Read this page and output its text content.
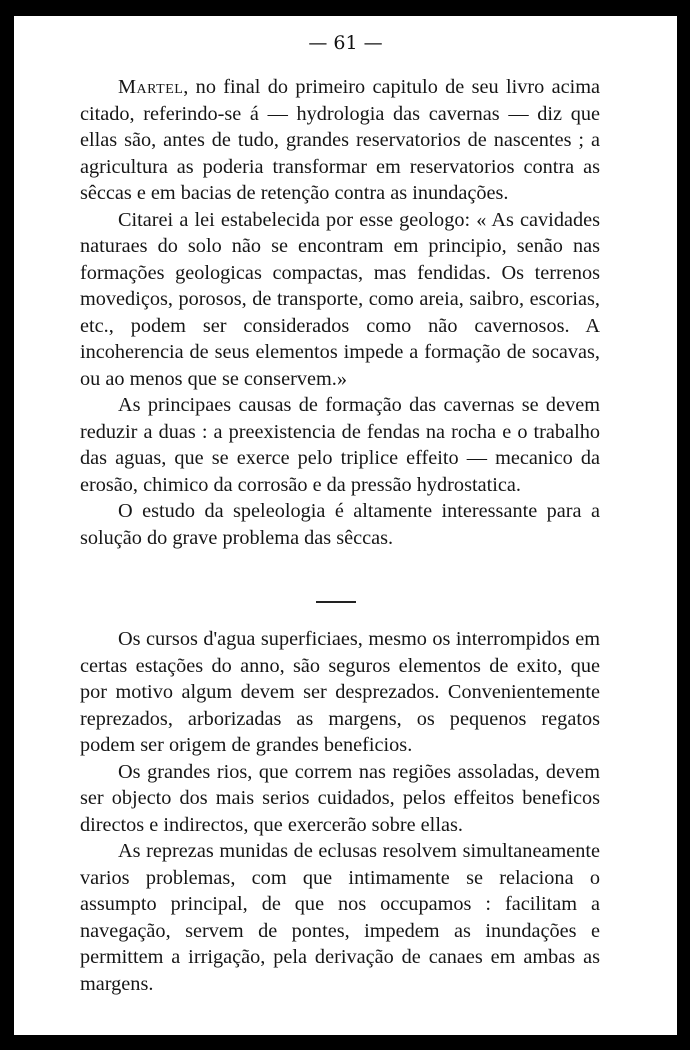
— 61 —

Martel, no final do primeiro capitulo de seu livro acima citado, referindo-se á — hydrologia das cavernas — diz que ellas são, antes de tudo, grandes reservatorios de nascentes ; a agricultura as poderia transformar em reservatorios contra as sêccas e em bacias de retenção contra as inundações.

Citarei a lei estabelecida por esse geologo: « As cavidades naturaes do solo não se encontram em principio, senão nas formações geologicas compactas, mas fendidas. Os terrenos movediços, porosos, de transporte, como areia, saibro, escorias, etc., podem ser considerados como não cavernosos. A incoherencia de seus elementos impede a formação de socavas, ou ao menos que se conservem.»

As principaes causas de formação das cavernas se devem reduzir a duas : a preexistencia de fendas na rocha e o trabalho das aguas, que se exerce pelo triplice effeito — mecanico da erosão, chimico da corrosão e da pressão hydrostatica.

O estudo da speleologia é altamente interessante para a solução do grave problema das sêccas.

Os cursos d'agua superficiaes, mesmo os interrompidos em certas estações do anno, são seguros elementos de exito, que por motivo algum devem ser desprezados. Convenientemente reprezados, arborizadas as margens, os pequenos regatos podem ser origem de grandes beneficios.

Os grandes rios, que correm nas regiões assoladas, devem ser objecto dos mais serios cuidados, pelos effeitos beneficos directos e indirectos, que exercerão sobre ellas.

As reprezas munidas de eclusas resolvem simultaneamente varios problemas, com que intimamente se relaciona o assumpto principal, de que nos occupamos : facilitam a navegação, servem de pontes, impedem as inundações e permittem a irrigação, pela derivação de canaes em ambas as margens.
